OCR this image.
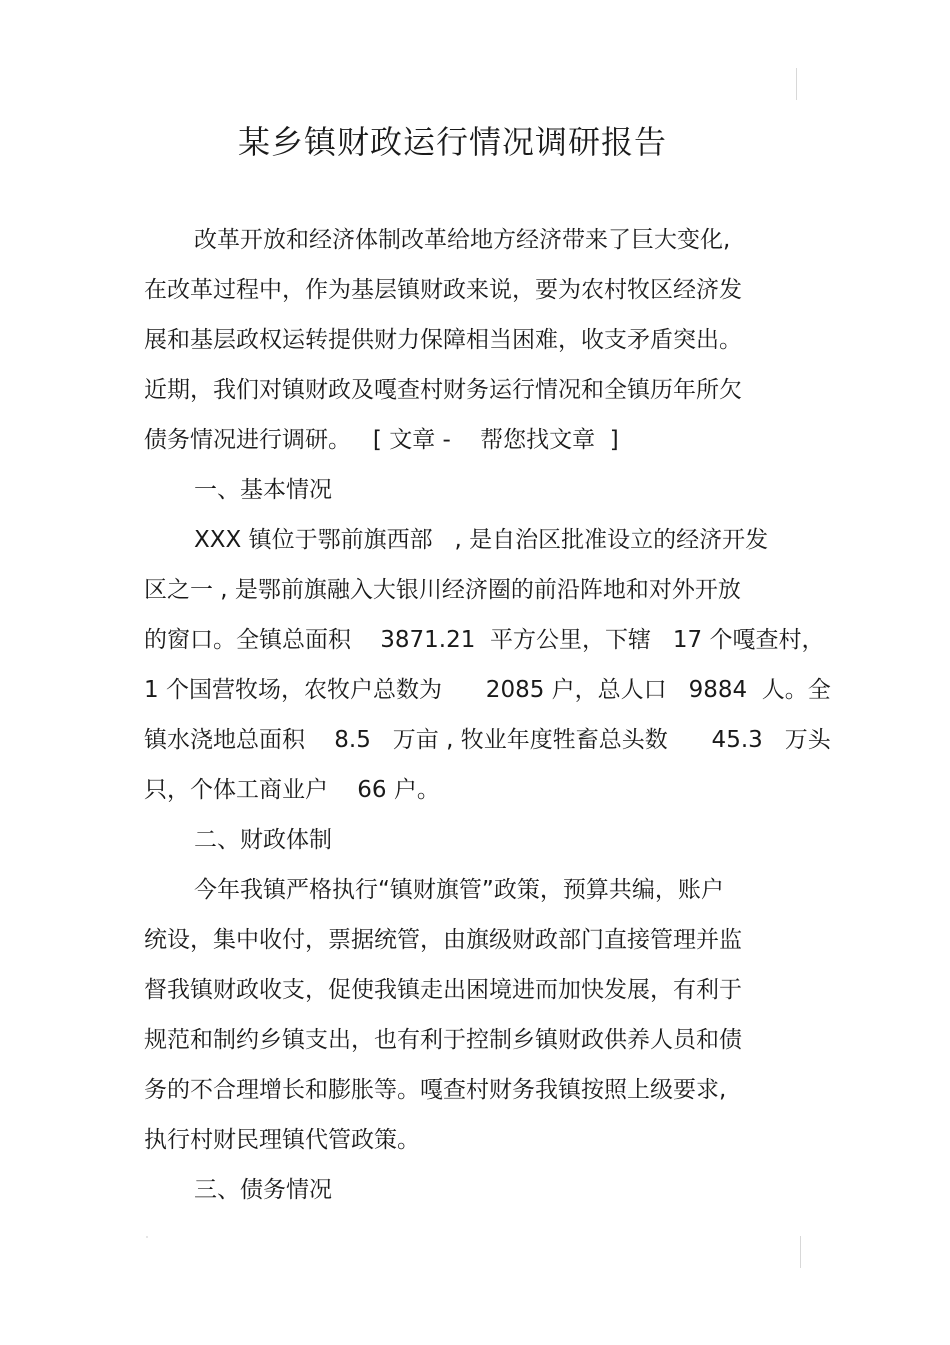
某乡镇财政运行情况调研报告
改革开放和经济体制改革给地方经济带来了巨大变化,
在改革过程中，作为基层镇财政来说，要为农村牧区经济发
展和基层政权运转提供财力保障相当困难，收支矛盾突出。
近期，我们对镇财政及嘎查村财务运行情况和全镇历年所欠
债务情况进行调研。   [ 文章 -    帮您找文章  ]
一、基本情况
XXX 镇位于鄂前旗西部   , 是自治区批准设立的经济开发
区之一 , 是鄂前旗融入大银川经济圈的前沿阵地和对外开放
的窗口。全镇总面积    3871.21  平方公里，下辖   17 个嘎查村，
1 个国营牧场，农牧户总数为      2085 户，总人口   9884  人。全
镇水浇地总面积    8.5   万亩 , 牧业年度牲畜总头数      45.3   万头
只，个体工商业户    66 户。
二、财政体制
今年我镇严格执行“镇财旗管”政策，预算共编，账户
统设，集中收付，票据统管，由旗级财政部门直接管理并监
督我镇财政收支，促使我镇走出困境进而加快发展，有利于
规范和制约乡镇支出，也有利于控制乡镇财政供养人员和债
务的不合理增长和膨胀等。嘎查村财务我镇按照上级要求,
执行村财民理镇代管政策。
三、债务情况
